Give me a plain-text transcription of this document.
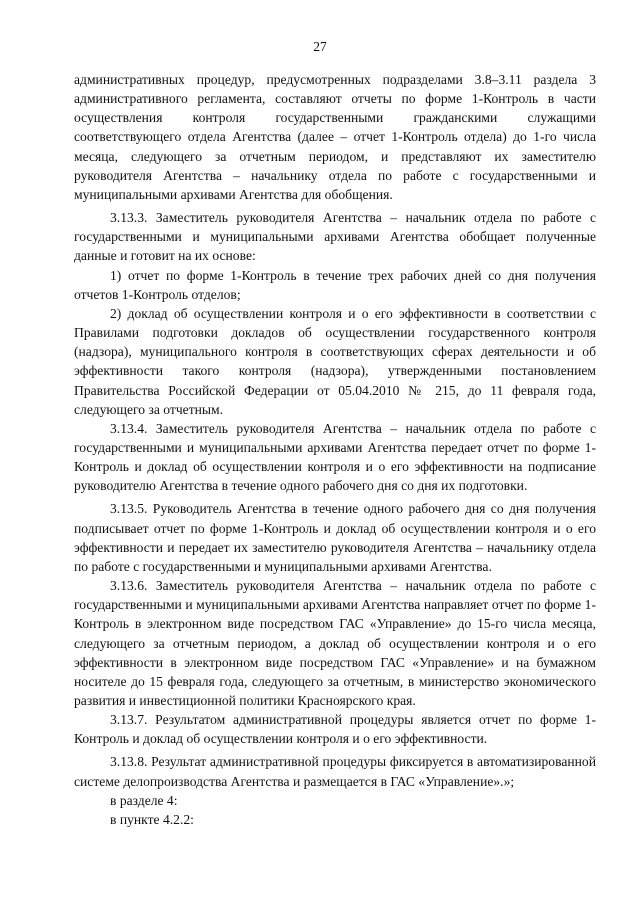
27

административных процедур, предусмотренных подразделами 3.8–3.11 раздела 3 административного регламента, составляют отчеты по форме 1-Контроль в части осуществления контроля государственными гражданскими служащими соответствующего отдела Агентства (далее – отчет 1-Контроль отдела) до 1-го числа месяца, следующего за отчетным периодом, и представляют их заместителю руководителя Агентства – начальнику отдела по работе с государственными и муниципальными архивами Агентства для обобщения.

3.13.3. Заместитель руководителя Агентства – начальник отдела по работе с государственными и муниципальными архивами Агентства обобщает полученные данные и готовит на их основе:

1) отчет по форме 1-Контроль в течение трех рабочих дней со дня получения отчетов 1-Контроль отделов;

2) доклад об осуществлении контроля и о его эффективности в соответствии с Правилами подготовки докладов об осуществлении государственного контроля (надзора), муниципального контроля в соответствующих сферах деятельности и об эффективности такого контроля (надзора), утвержденными постановлением Правительства Российской Федерации от 05.04.2010 № 215, до 11 февраля года, следующего за отчетным.

3.13.4. Заместитель руководителя Агентства – начальник отдела по работе с государственными и муниципальными архивами Агентства передает отчет по форме 1-Контроль и доклад об осуществлении контроля и о его эффективности на подписание руководителю Агентства в течение одного рабочего дня со дня их подготовки.

3.13.5. Руководитель Агентства в течение одного рабочего дня со дня получения подписывает отчет по форме 1-Контроль и доклад об осуществлении контроля и о его эффективности и передает их заместителю руководителя Агентства – начальнику отдела по работе с государственными и муниципальными архивами Агентства.

3.13.6. Заместитель руководителя Агентства – начальник отдела по работе с государственными и муниципальными архивами Агентства направляет отчет по форме 1-Контроль в электронном виде посредством ГАС «Управление» до 15-го числа месяца, следующего за отчетным периодом, а доклад об осуществлении контроля и о его эффективности в электронном виде посредством ГАС «Управление» и на бумажном носителе до 15 февраля года, следующего за отчетным, в министерство экономического развития и инвестиционной политики Красноярского края.

3.13.7. Результатом административной процедуры является отчет по форме 1-Контроль и доклад об осуществлении контроля и о его эффективности.

3.13.8. Результат административной процедуры фиксируется в автоматизированной системе делопроизводства Агентства и размещается в ГАС «Управление».»;

в разделе 4:

в пункте 4.2.2:
